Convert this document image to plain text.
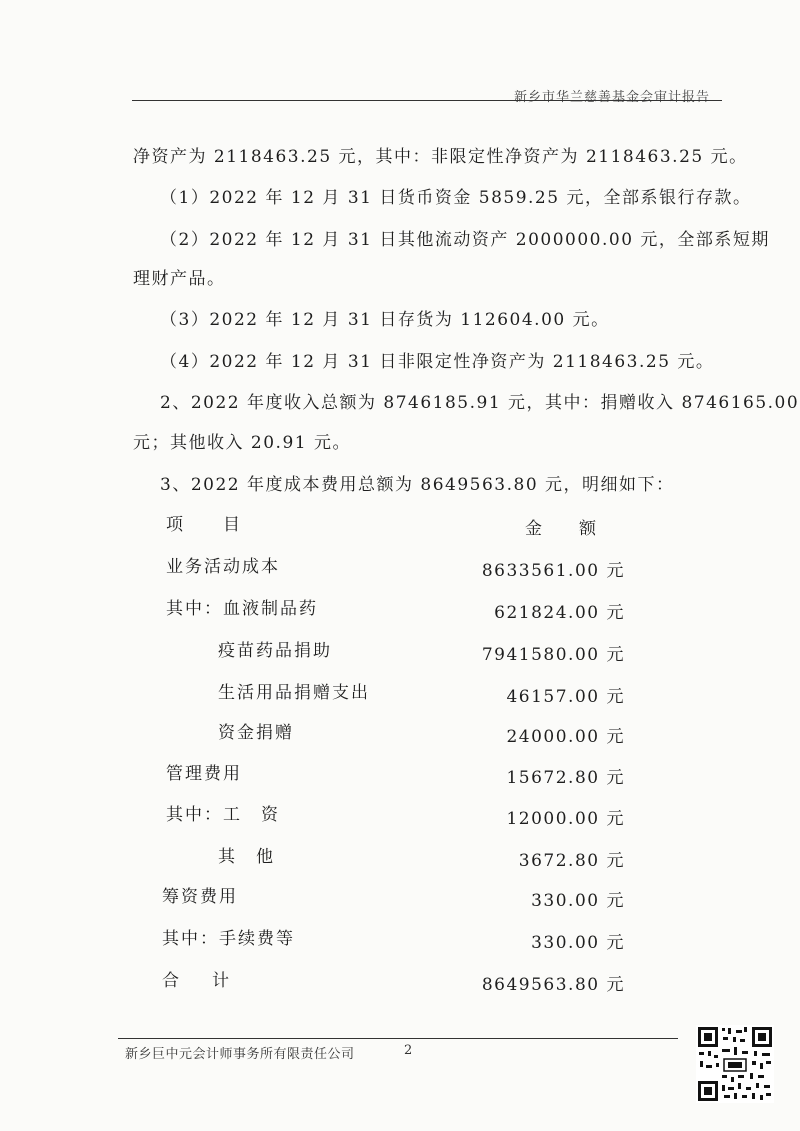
新乡市华兰慈善基金会审计报告
净资产为 2118463.25 元，其中：非限定性净资产为 2118463.25 元。
（1）2022 年 12 月 31 日货币资金 5859.25 元，全部系银行存款。
（2）2022 年 12 月 31 日其他流动资产 2000000.00 元，全部系短期
理财产品。
（3）2022 年 12 月 31 日存货为 112604.00 元。
（4）2022 年 12 月 31 日非限定性净资产为 2118463.25 元。
2、2022 年度收入总额为 8746185.91 元，其中：捐赠收入 8746165.00
元；其他收入 20.91 元。
3、2022 年度成本费用总额为 8649563.80 元，明细如下：
项　　目	金　额
业务活动成本	8633561.00 元
其中：血液制品药	621824.00 元
疫苗药品捐助	7941580.00 元
生活用品捐赠支出	46157.00 元
资金捐赠	24000.00 元
管理费用	15672.80 元
其中：工　资	12000.00 元
其　他	3672.80 元
筹资费用	330.00 元
其中：手续费等	330.00 元
合　计	8649563.80 元
新乡巨中元会计师事务所有限责任公司	2
